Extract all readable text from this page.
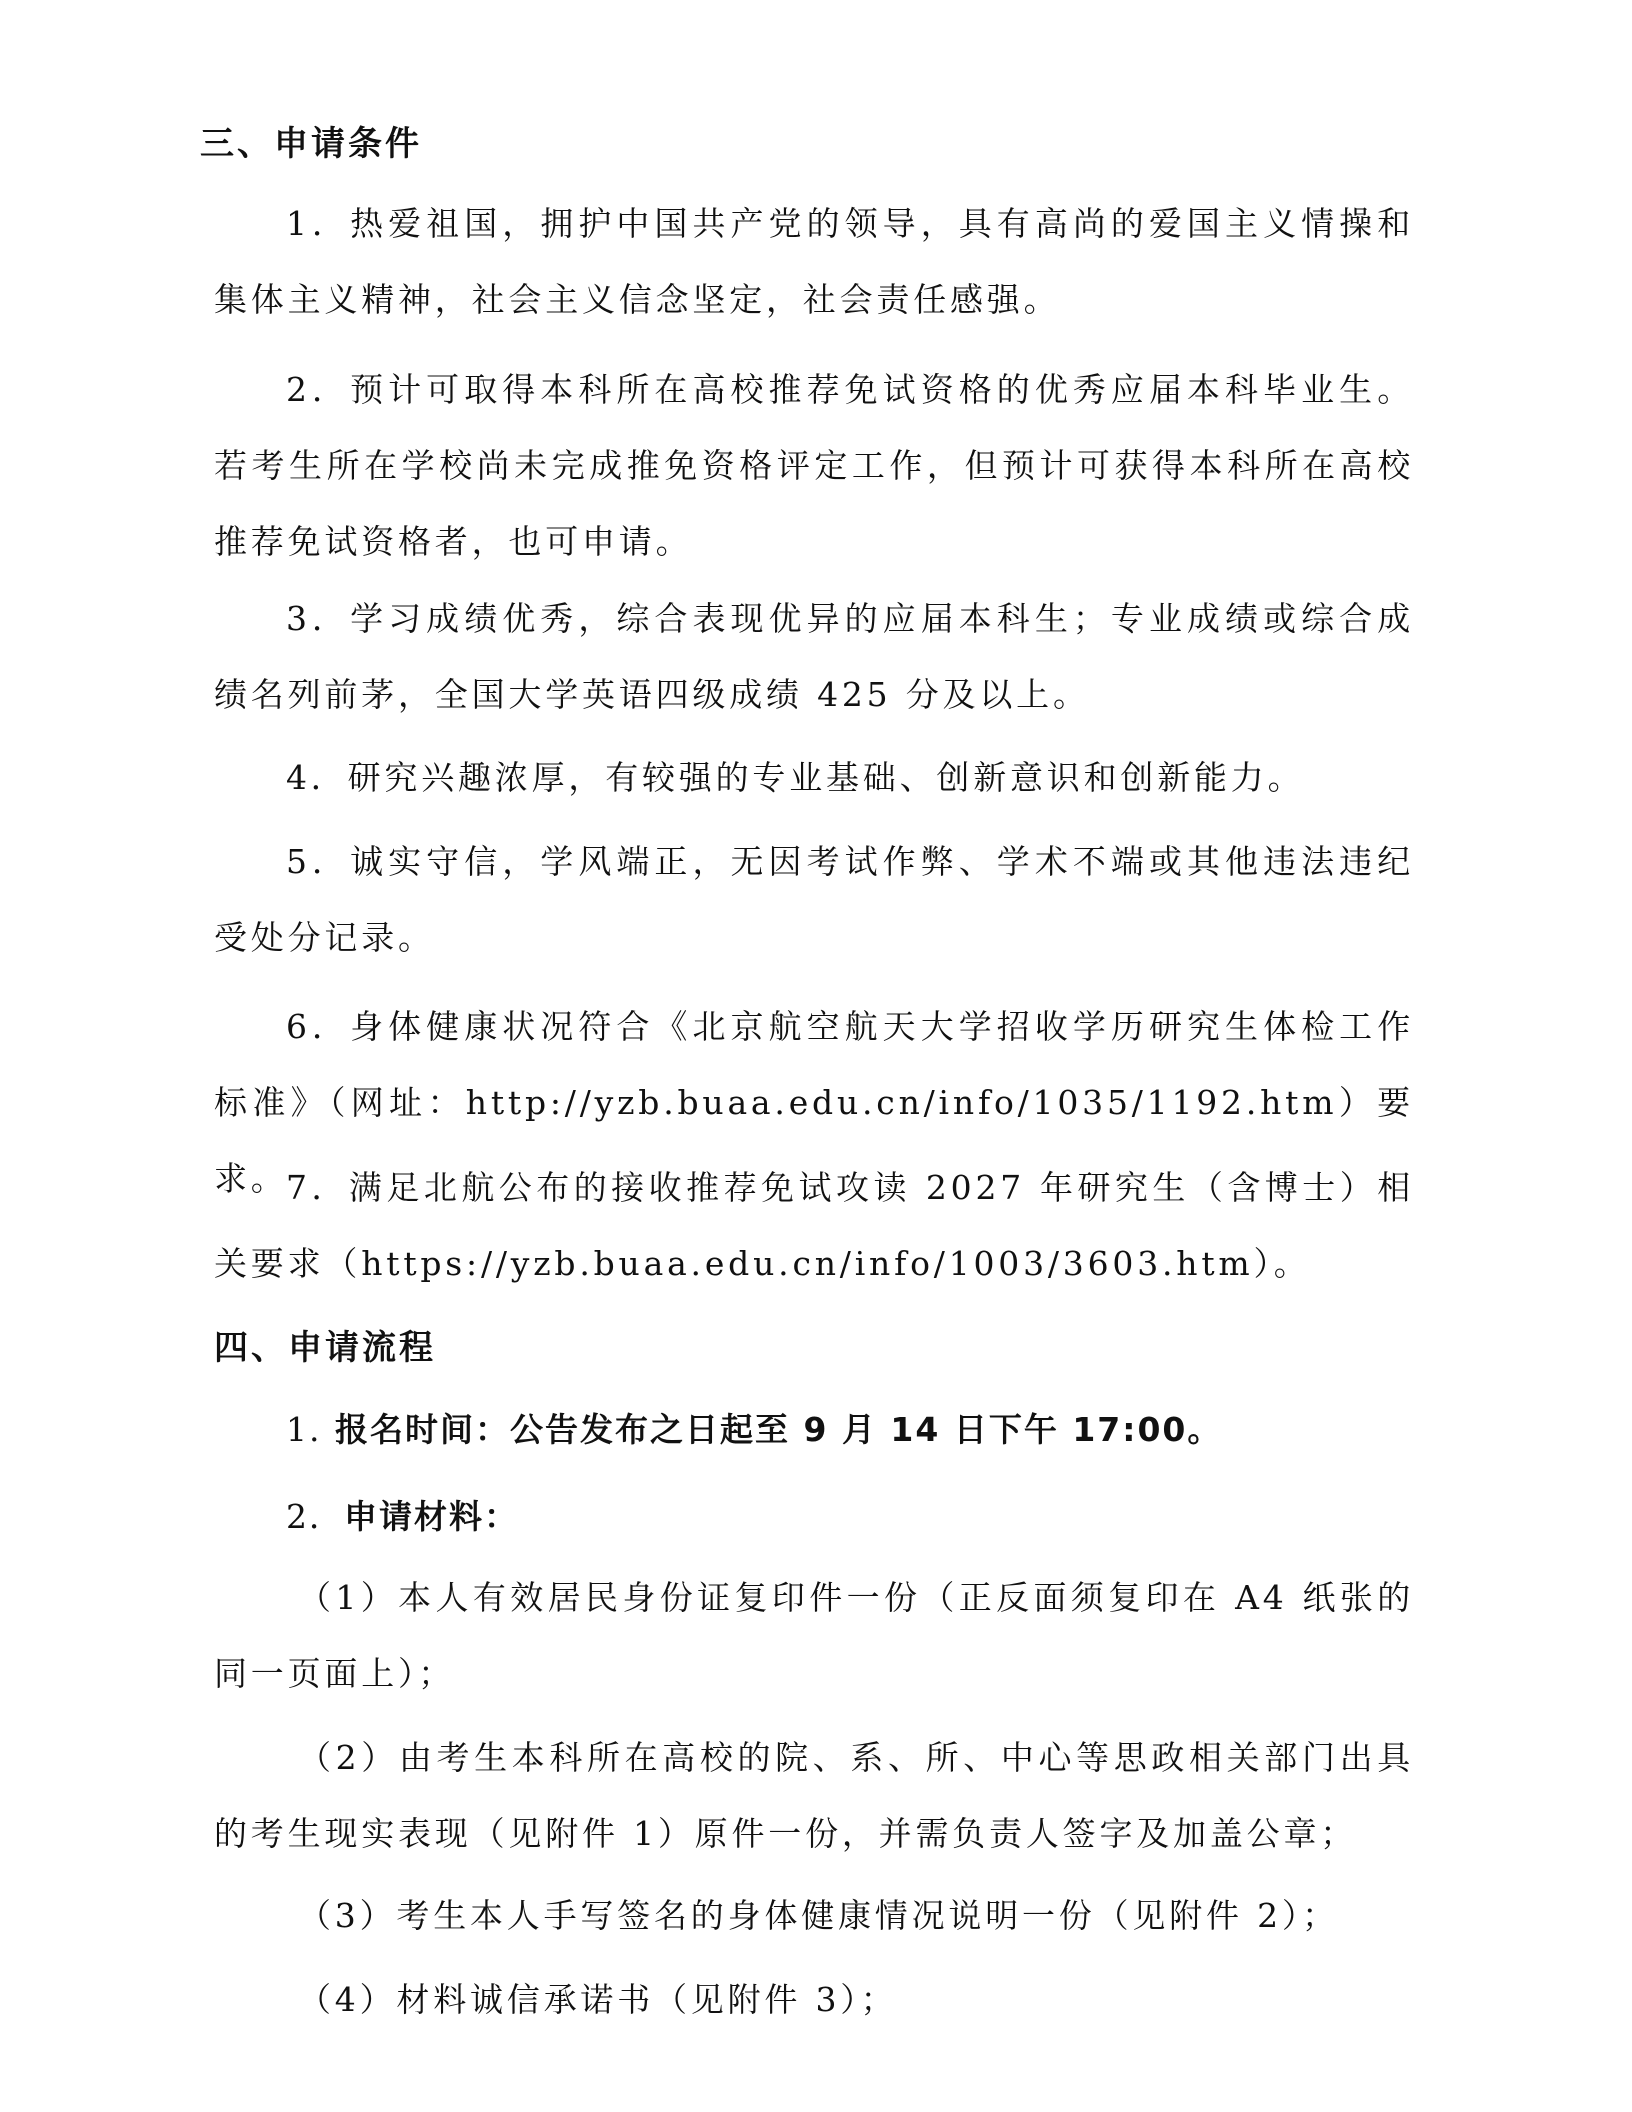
三、申请条件

1．热爱祖国，拥护中国共产党的领导，具有高尚的爱国主义情操和集体主义精神，社会主义信念坚定，社会责任感强。

2．预计可取得本科所在高校推荐免试资格的优秀应届本科毕业生。若考生所在学校尚未完成推免资格评定工作，但预计可获得本科所在高校推荐免试资格者，也可申请。

3．学习成绩优秀，综合表现优异的应届本科生；专业成绩或综合成绩名列前茅，全国大学英语四级成绩 425 分及以上。

4．研究兴趣浓厚，有较强的专业基础、创新意识和创新能力。

5．诚实守信，学风端正，无因考试作弊、学术不端或其他违法违纪受处分记录。

6．身体健康状况符合《北京航空航天大学招收学历研究生体检工作标准》（网址：http://yzb.buaa.edu.cn/info/1035/1192.htm）要求。

7．满足北航公布的接收推荐免试攻读 2027 年研究生（含博士）相关要求（https://yzb.buaa.edu.cn/info/1003/3603.htm）。

四、申请流程

1. 报名时间：公告发布之日起至 9 月 14 日下午 17:00。

2．申请材料：

（1）本人有效居民身份证复印件一份（正反面须复印在 A4 纸张的同一页面上）；

（2）由考生本科所在高校的院、系、所、中心等思政相关部门出具的考生现实表现（见附件 1）原件一份，并需负责人签字及加盖公章；

（3）考生本人手写签名的身体健康情况说明一份（见附件 2）；

（4）材料诚信承诺书（见附件 3）；
